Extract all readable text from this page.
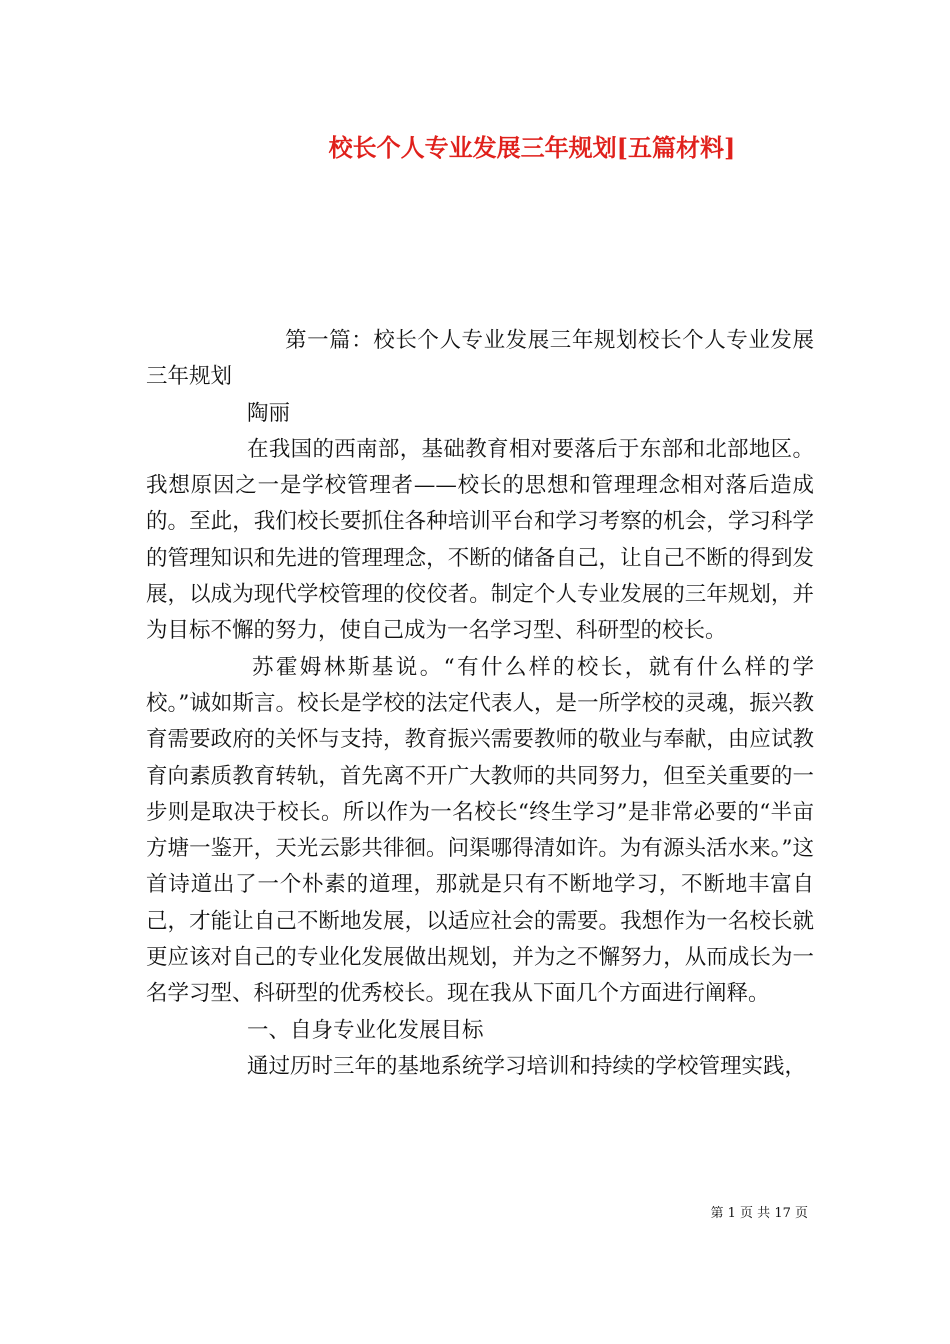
校长个人专业发展三年规划[五篇材料]

第一篇：校长个人专业发展三年规划校长个人专业发展三年规划

陶丽

在我国的西南部，基础教育相对要落后于东部和北部地区。我想原因之一是学校管理者——校长的思想和管理理念相对落后造成的。至此，我们校长要抓住各种培训平台和学习考察的机会，学习科学的管理知识和先进的管理理念，不断的储备自己，让自己不断的得到发展，以成为现代学校管理的佼佼者。制定个人专业发展的三年规划，并为目标不懈的努力，使自己成为一名学习型、科研型的校长。

苏霍姆林斯基说。“有什么样的校长，就有什么样的学校。”诚如斯言。校长是学校的法定代表人，是一所学校的灵魂，振兴教育需要政府的关怀与支持，教育振兴需要教师的敬业与奉献，由应试教育向素质教育转轨，首先离不开广大教师的共同努力，但至关重要的一步则是取决于校长。所以作为一名校长“终生学习”是非常必要的“半亩方塘一鉴开，天光云影共徘徊。问渠哪得清如许。为有源头活水来。”这首诗道出了一个朴素的道理，那就是只有不断地学习，不断地丰富自己，才能让自己不断地发展，以适应社会的需要。我想作为一名校长就更应该对自己的专业化发展做出规划，并为之不懈努力，从而成长为一名学习型、科研型的优秀校长。现在我从下面几个方面进行阐释。

一、自身专业化发展目标

通过历时三年的基地系统学习培训和持续的学校管理实践，

第 1 页 共 17 页
